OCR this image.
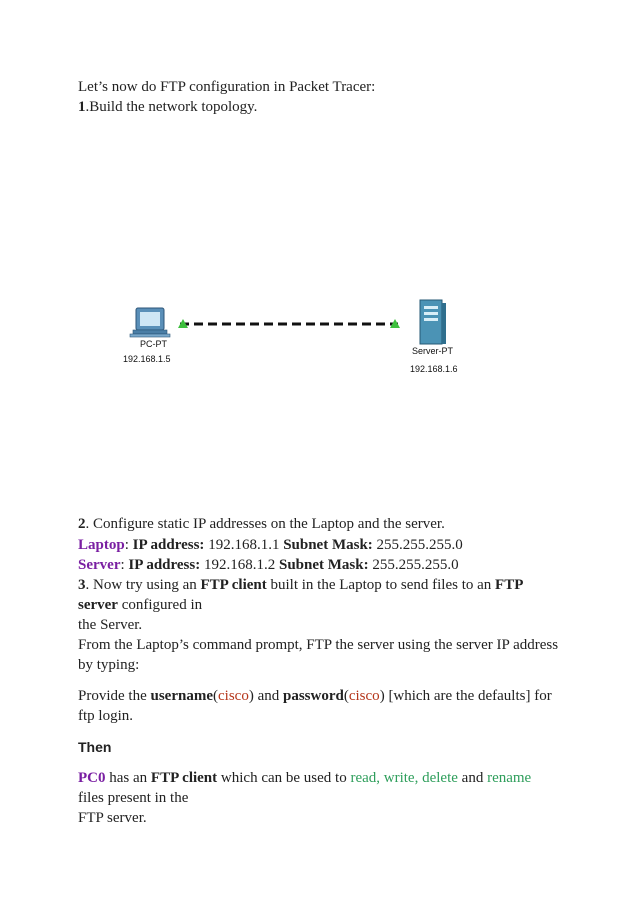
Let’s now do FTP configuration in Packet Tracer:
1.Build the network topology.
PC-PT
192.168.1.5
Server-PT
192.168.1.6
2. Configure static IP addresses on the Laptop and the server.
Laptop: IP address: 192.168.1.1 Subnet Mask: 255.255.255.0
Server: IP address: 192.168.1.2 Subnet Mask: 255.255.255.0
3. Now try using an FTP client built in the Laptop to send files to an FTP
server configured in
the Server.
From the Laptop’s command prompt, FTP the server using the server IP address
by typing:
Provide the username(cisco) and password(cisco) [which are the defaults] for
ftp login.
Then
PC0 has an FTP client which can be used to read, write, delete and rename
files present in the
FTP server.
